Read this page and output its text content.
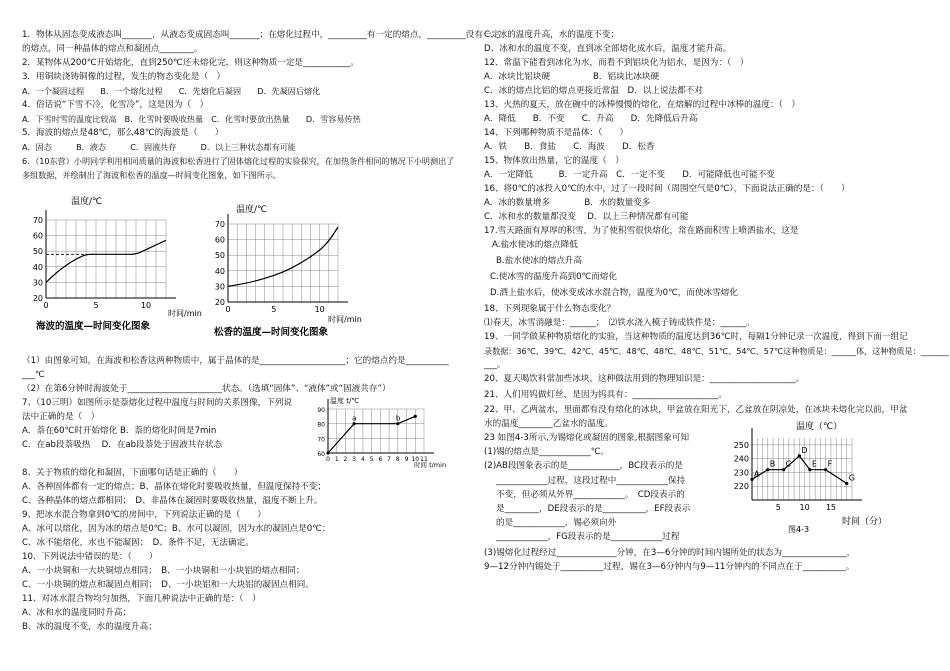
1．物体从固态变成液态叫_______，从液态变成固态叫_______；在熔化过程中，_________有一定的熔点，_________没有一定
的熔点，同一种晶体的熔点和凝固点________。
2．某物体从200℃开始熔化，直到250℃还未熔化完，则这种物质一定是___________。
3．用铜块浇铸铜像的过程，发生的物态变化是（　）
A．一个凝固过程　　B．一个熔化过程　　C．先熔化后凝固　　D．先凝固后熔化
4．俗话说“下雪不冷，化雪冷”，这是因为（　）
A．下雪时雪的温度比较高　B．化雪时要吸收热量　C．化雪时要放出热量　　D．雪容易传热
5．海波的熔点是48℃，那么48℃的海波是（　　）
A．固态　　　B．液态　　　C．固液共存　　　D．以上三种状态都有可能
6．（10东营）小明同学利用相同质量的海波和松香进行了固体熔化过程的实验探究，在加热条件相同的情况下小明测出了
多组数据，并绘制出了海波和松香的温度—时间变化图象，如下图所示。
温度/℃
时间/min
海波的温度—时间变化图象
20
30
40
50
60
70
0	5	10
温度/℃
时间/min
松香的温度—时间变化图象
20
30
40
50
60
70
0	5	10
（1）由图象可知，在海波和松香这两种物质中，属于晶体的是____________________；它的熔点约是__________
___℃
（2）在第6分钟时海波处于______________________状态。（选填“固体”、“液体”或“固液共存”）
7、（10三明）如图所示是萘熔化过程中温度与时间的关系图像，下列说
法中正确的是（　）
A．萘在60℃时开始熔化 B．萘的熔化时间是7min
C．在ab段萘吸热　 D．在ab段萘处于固液共存状态
温度 t/℃
时间 t/min
60
70
80
90
0 1 2 3 4 5 6 7 8 9 10 11
a	b
8、关于物质的熔化和凝固，下面哪句话是正确的（　　）
A、各种固体都有一定的熔点；B、晶体在熔化时要吸收热量，但温度保持不变；
C、各种晶体的熔点都相同；　D、非晶体在凝固时要吸收热量，温度不断上升。
9、把冰水混合物拿到0℃的房间中，下列说法正确的是（　　）
A、冰可以熔化，因为冰的熔点是0℃；B、水可以凝固，因为水的凝固点是0℃；
C、冰不能熔化，水也不能凝固；　D、条件不足，无法确定。
10、下列说法中错误的是：（　　）
A、一小块铜和一大块铜熔点相同；　B、一小块铜和一小块铝的熔点相同；
C、一小块铜的熔点和凝固点相同；　D、一小块铝和一大块铝的凝固点相同。
11、对冰水混合物均匀加热，下面几种说法中正确的是：（　）
A、冰和水的温度同时升高；
B、冰的温度不变，水的温度升高；
C、冰的温度升高，水的温度不变；
D、冰和水的温度不变，直到冰全部熔化成水后，温度才能升高。
12、常温下能看到冰化为水，而看不到铝块化为铝水，是因为：（　）
A．冰块比铝块硬　　　　　B．铝块比冰块硬
C．冰的熔点比铝的熔点更接近常温　D．以上说法都不对
13、火热的夏天，放在碗中的冰棒慢慢的熔化，在熔解的过程中冰棒的温度：（　）
A．降低　　B．不变　　C．升高　　D．先降低后升高
14、下列哪种物质不是晶体：（　　）
A．铁　　B．食盐　　C．海波　　D．松香
15、物体放出热量，它的温度（　）
A．一定降低　　　B．一定升高　C．一定不变　　D．可能降低也可能不变
16、将0℃的冰投入0℃的水中，过了一段时间（周围空气是0℃），下面说法正确的是：（　　）
A．冰的数量增多　　　　B．水的数量变多
C．冰和水的数量都没变　 D．以上三种情况都有可能
17.雪天路面有厚厚的积雪，为了使积雪很快熔化，常在路面积雪上喷洒盐水，这是
A.盐水使冰的熔点降低
B.盐水使冰的熔点升高
C.使冰雪的温度升高到0℃而熔化
D.洒上盐水后，使冰变成冰水混合物，温度为0℃，而使冰雪熔化
18、下列现象属于什么物态变化？
⑴春天，冰雪消融是：______；　⑵铁水浇入模子铸成铁件是：______。
19、一同学做某种物质熔化的实验，当这种物质的温度达到36℃时，每隔1分钟记录一次温度，得到下面一组记
录数据：36℃、39℃、42℃、45℃、48℃、48℃、48℃、51℃、54℃、57℃这种物质是：______体，这种物质是：_______
___。
20、夏天喝饮料常加些冰块，这种做法用到的物理知识是：____________________。
21、人们用钨做灯丝，是因为钨具有：____________________。
22、甲、乙两盆水，里面都有没有熔化的冰块，甲盆放在阳光下，乙盆放在阴凉处，在冰块未熔化完以前，甲盆
水的温度________乙盆水的温度。
23 如图4-3所示,为锡熔化或凝固的图象,根据图象可知
(1)锡的熔点是____________℃。
(2)AB段图象表示的是____________，BC段表示的是
____________过程，这段过程中____________保持
不变，但必须从外界____________。　CD段表示的
是________，DE段表示的是__________，EF段表示
的是____________，锡必须向外
____________，FG段表示的是____________过程
(3)锡熔化过程经过______________分钟，在3—6分钟的时间内锡所处的状态为_______________，
9—12分钟内锡处于__________过程，锡在3—6分钟内与9—11分钟内的不同点在于__________。
温度（℃）
时间（分）
图4-3
220
230
240
250
5 10 15
A
B C
D
E F
G
